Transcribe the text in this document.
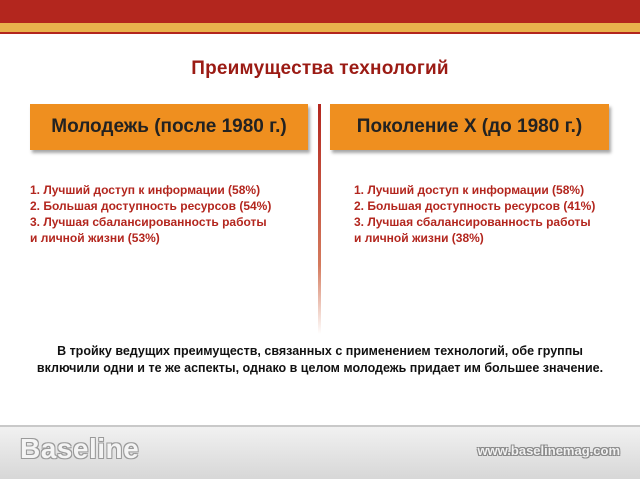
Преимущества технологий
Молодежь (после 1980 г.)	Поколение X (до 1980 г.)
1. Лучший доступ к информации (58%)
2. Большая доступность ресурсов (54%)
3. Лучшая сбалансированность работы
и личной жизни (53%)
1. Лучший доступ к информации (58%)
2. Большая доступность ресурсов (41%)
3. Лучшая сбалансированность работы
и личной жизни (38%)
В тройку ведущих преимуществ, связанных с применением технологий, обе группы
включили одни и те же аспекты, однако в целом молодежь придает им большее значение.
Baseline	www.baselinemag.com
